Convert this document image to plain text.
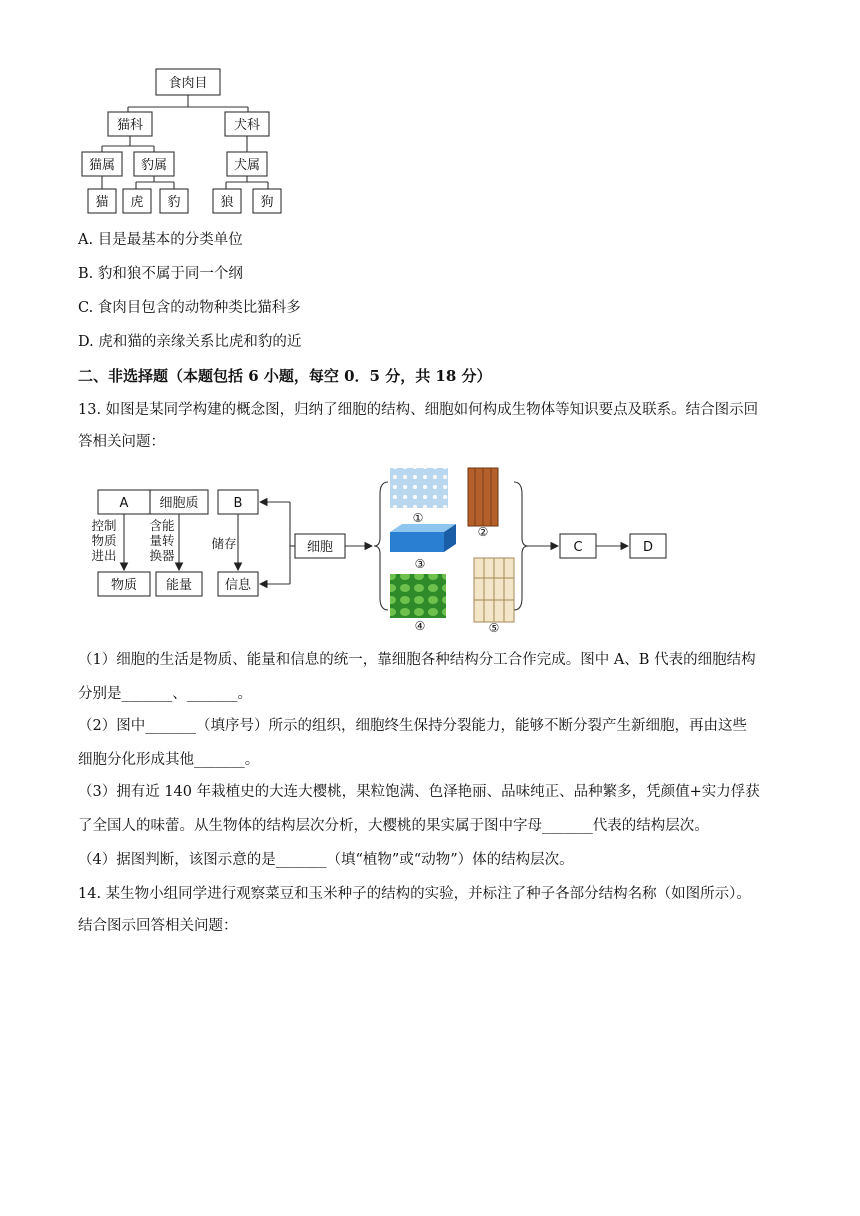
食肉目
猫科	犬科
猫属 豹属	犬属
猫 虎 豹	狼 狗
A. 目是最基本的分类单位
B. 豹和狼不属于同一个纲
C. 食肉目包含的动物种类比猫科多
D. 虎和猫的亲缘关系比虎和豹的近
二、非选择题（本题包括 6 小题，每空 0．5 分，共 18 分）
13. 如图是某同学构建的概念图，归纳了细胞的结构、细胞如何构成生物体等知识要点及联系。结合图示回
答相关问题：
A 细胞质	B
物质 能量	信息
细胞	C	D
控制
物质
进出
含能
量转
换器
储存
①
②
③
④	⑤
（1）细胞的生活是物质、能量和信息的统一，靠细胞各种结构分工合作完成。图中 A、B 代表的细胞结构
分别是_______、_______。
（2）图中_______（填序号）所示的组织，细胞终生保持分裂能力，能够不断分裂产生新细胞，再由这些
细胞分化形成其他_______。
（3）拥有近 140 年栽植史的大连大樱桃，果粒饱满、色泽艳丽、品味纯正、品种繁多，凭颜值+实力俘获
了全国人的味蕾。从生物体的结构层次分析，大樱桃的果实属于图中字母_______代表的结构层次。
（4）据图判断，该图示意的是_______（填“植物”或“动物”）体的结构层次。
14. 某生物小组同学进行观察菜豆和玉米种子的结构的实验，并标注了种子各部分结构名称（如图所示）。
结合图示回答相关问题：
